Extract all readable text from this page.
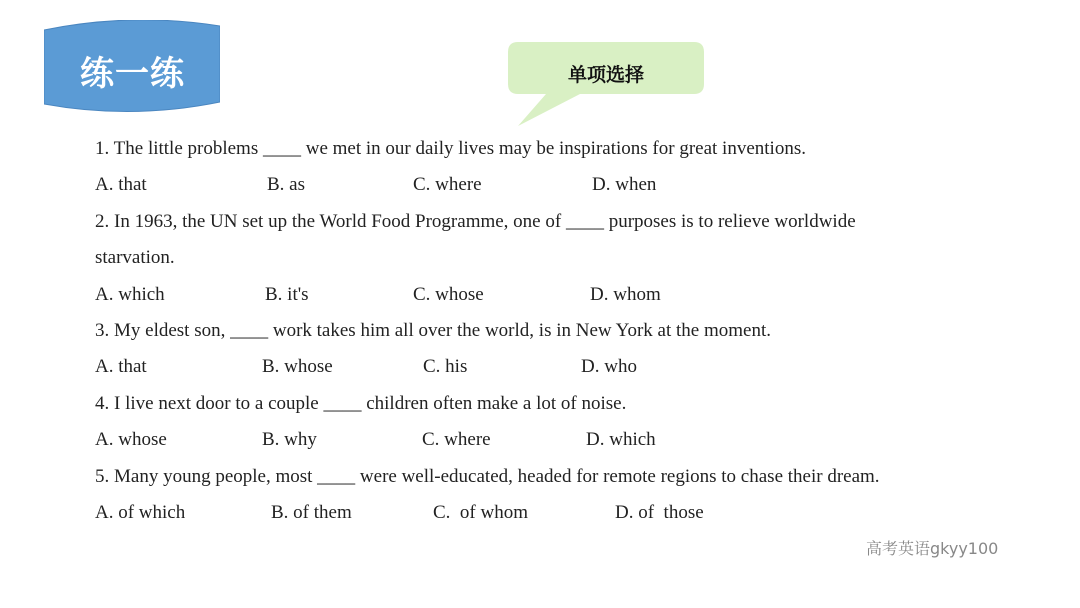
练一练	单项选择
1. The little problems ____ we met in our daily lives may be inspirations for great inventions.
A. that	B. as	C. where	D. when
2. In 1963, the UN set up the World Food Programme, one of ____ purposes is to relieve worldwide
starvation.
A. which	B. it's	C. whose	D. whom
3. My eldest son, ____ work takes him all over the world, is in New York at the moment.
A. that	B. whose	C. his	D. who
4. I live next door to a couple ____ children often make a lot of noise.
A. whose	B. why	C. where	D. which
5. Many young people, most ____ were well-educated, headed for remote regions to chase their dream.
A. of which	B. of them	C.  of whom	D. of  those
高考英语gkyy100
